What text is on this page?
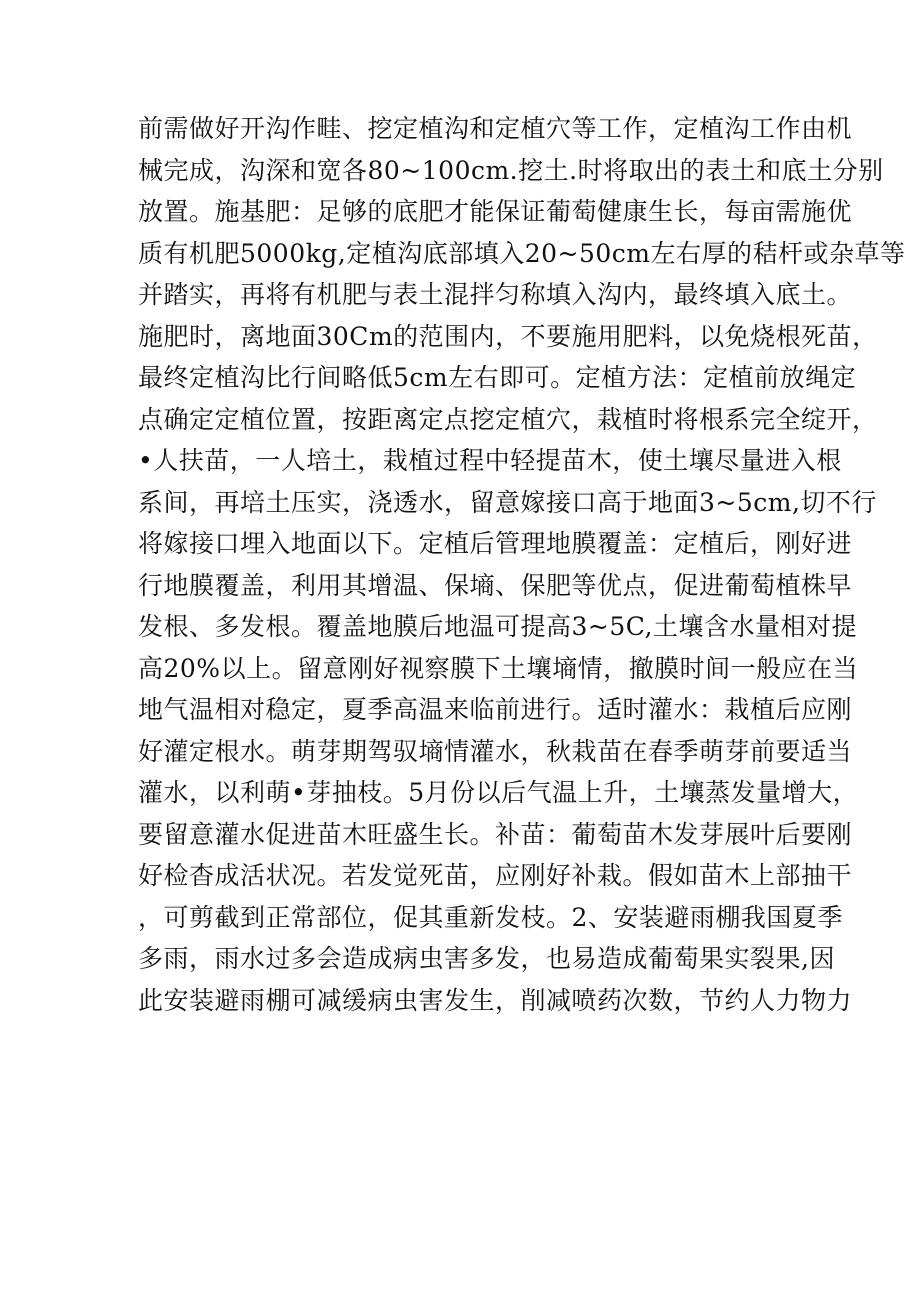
前需做好开沟作畦、挖定植沟和定植穴等工作，定植沟工作由机
械完成，沟深和宽各80~100cm.挖土.时将取出的表土和底土分别
放置。施基肥：足够的底肥才能保证葡萄健康生长，每亩需施优
质有机肥5000kg,定植沟底部填入20~50cm左右厚的秸杆或杂草等
并踏实，再将有机肥与表土混拌匀称填入沟内，最终填入底土。
施肥时，离地面30Cm的范围内，不要施用肥料，以免烧根死苗，
最终定植沟比行间略低5cm左右即可。定植方法：定植前放绳定
点确定定植位置，按距离定点挖定植穴，栽植时将根系完全绽开，
•人扶苗，一人培土，栽植过程中轻提苗木，使土壤尽量进入根
系间，再培土压实，浇透水，留意嫁接口高于地面3~5cm,切不行
将嫁接口埋入地面以下。定植后管理地膜覆盖：定植后，刚好进
行地膜覆盖，利用其增温、保墒、保肥等优点，促进葡萄植株早
发根、多发根。覆盖地膜后地温可提高3~5C,土壤含水量相对提
高20%以上。留意刚好视察膜下土壤墒情，撤膜时间一般应在当
地气温相对稳定，夏季高温来临前进行。适时灌水：栽植后应刚
好灌定根水。萌芽期驾驭墒情灌水，秋栽苗在春季萌芽前要适当
灌水，以利萌•芽抽枝。5月份以后气温上升，土壤蒸发量增大，
要留意灌水促进苗木旺盛生长。补苗：葡萄苗木发芽展叶后要刚
好检杳成活状况。若发觉死苗，应刚好补栽。假如苗木上部抽干
，可剪截到正常部位，促其重新发枝。2、安装避雨棚我国夏季
多雨，雨水过多会造成病虫害多发，也易造成葡萄果实裂果,因
此安装避雨棚可减缓病虫害发生，削减喷药次数，节约人力物力
